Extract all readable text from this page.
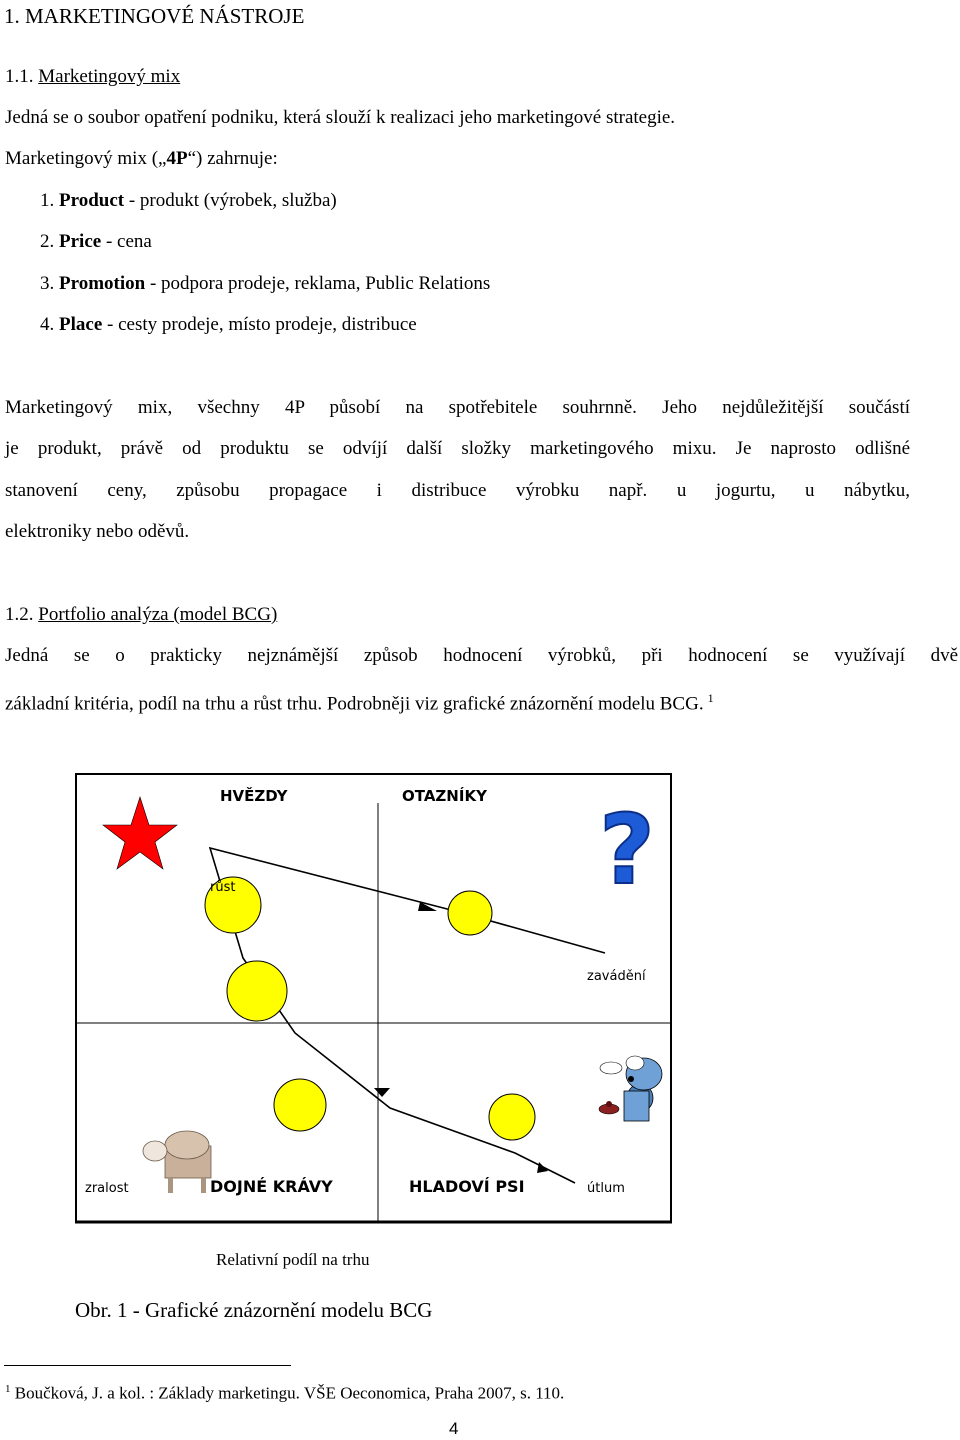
1. MARKETINGOVÉ NÁSTROJE
1.1. Marketingový mix
Jedná se o soubor opatření podniku, která slouží k realizaci jeho marketingové strategie.
Marketingový mix („4P“) zahrnuje:
1. Product - produkt (výrobek, služba)
2. Price - cena
3. Promotion - podpora prodeje, reklama, Public Relations
4. Place - cesty prodeje, místo prodeje, distribuce
Marketingový mix, všechny 4P působí na spotřebitele souhrnně. Jeho nejdůležitější součástí
je produkt, právě od produktu se odvíjí další složky marketingového mixu. Je naprosto odlišné
stanovení ceny, způsobu propagace i distribuce výrobku např. u jogurtu, u nábytku,
elektroniky nebo oděvů.
1.2. Portfolio analýza (model BCG)
Jedná se o prakticky nejznámější způsob hodnocení výrobků, při hodnocení se využívají dvě
základní kritéria, podíl na trhu a růst trhu. Podrobněji viz grafické znázornění modelu BCG. $^1$
?
HVĚZDY	OTAZNÍKY
DOJNÉ KRÁVY	HLADOVÍ PSI
růst
zavádění
zralost	útlum
Relativní podíl na trhu
Obr. 1 - Grafické znázornění modelu BCG
$^1$ Boučková, J. a kol. : Základy marketingu. VŠE Oeconomica, Praha 2007, s. 110.
4
